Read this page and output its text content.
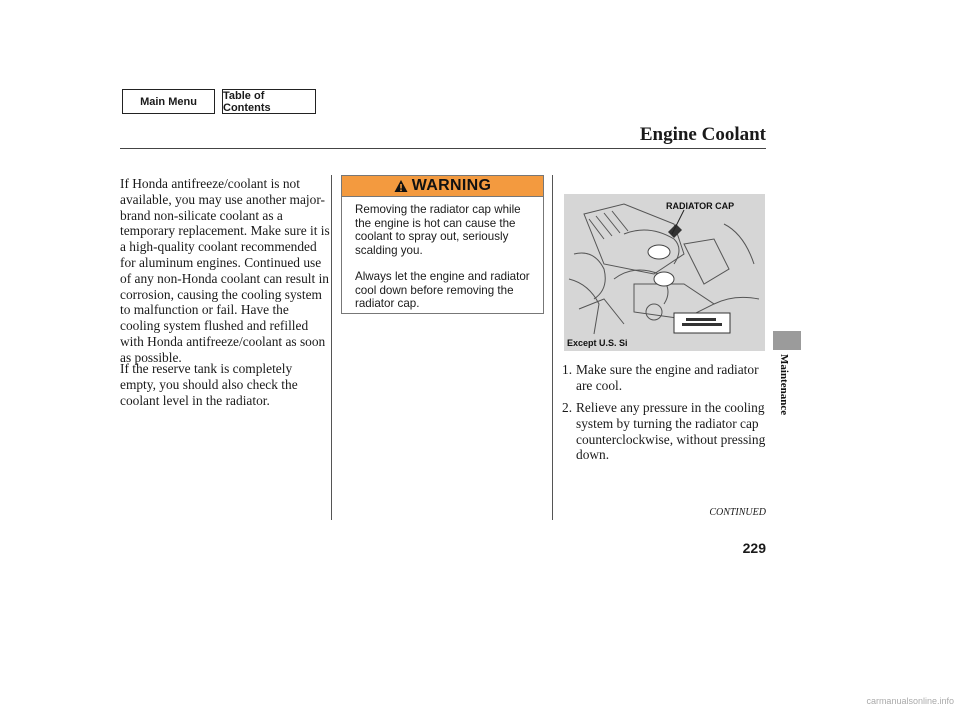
Main Menu	Table of Contents
Engine Coolant

If Honda antifreeze/coolant is not available, you may use another major-brand non-silicate coolant as a temporary replacement. Make sure it is a high-quality coolant recommended for aluminum engines. Continued use of any non-Honda coolant can result in corrosion, causing the cooling system to malfunction or fail. Have the cooling system flushed and refilled with Honda antifreeze/coolant as soon as possible.

If the reserve tank is completely empty, you should also check the coolant level in the radiator.

WARNING

Removing the radiator cap while the engine is hot can cause the coolant to spray out, seriously scalding you.

Always let the engine and radiator cool down before removing the radiator cap.

RADIATOR CAP
Except U.S. Si
1. Make sure the engine and radiator are cool.
2. Relieve any pressure in the cooling system by turning the radiator cap counterclockwise, without pressing down.
CONTINUED
229
Maintenance
carmanualsonline.info
